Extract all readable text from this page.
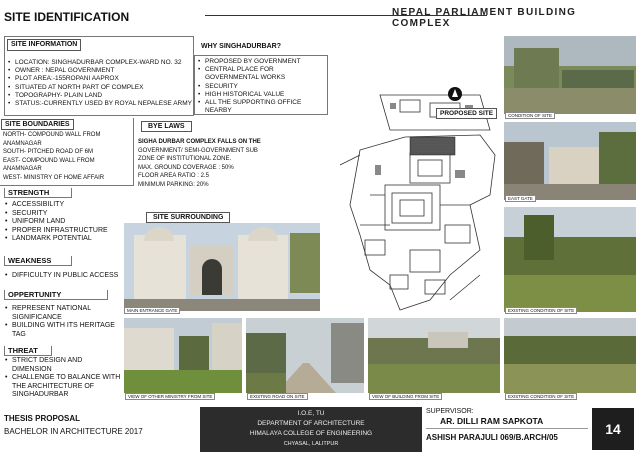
SITE IDENTIFICATION	NEPAL PARLIAMENT BUILDING COMPLEX
SITE INFORMATION
• LOCATION: SINGHADURBAR COMPLEX-WARD NO. 32
• OWNER : NEPAL GOVERNMENT
• PLOT AREA:-155ROPANI AAPROX
• SITUATED AT NORTH PART OF COMPLEX
• TOPOGRAPHY- PLAIN LAND
• STATUS:-CURRENTLY USED BY ROYAL NEPALESE ARMY
WHY SINGHADURBAR?
• PROPOSED BY GOVERNMENT
• CENTRAL PLACE FOR GOVERNMENTAL WORKS
• SECURITY
• HIGH HISTORICAL VALUE
• ALL THE SUPPORTING OFFICE NEARBY
SITE BOUNDARIES
NORTH- COMPOUND WALL FROM ANAMNAGAR
SOUTH- PITCHED ROAD OF 6M
EAST- COMPOUND WALL FROM ANAMNAGAR
WEST- MINISTRY OF HOME AFFAIR
BYE LAWS
SIGHA DURBAR COMPLEX FALLS ON THE
GOVERNMENT/ SEMI-GOVERNMENT SUB
ZONE OF INSTITUTIONAL ZONE.
MAX. GROUND COVERAGE : 50%
FLOOR AREA RATIO : 2.5
MINIMUM PARKING: 20%
STRENGTH
• ACCESSIBILITY
• SECURITY
• UNIFORM LAND
• PROPER INFRASTRUCTURE
• LANDMARK POTENTIAL
WEAKNESS
• DIFFICULTY IN PUBLIC ACCESS
OPPERTUNITY
• REPRESENT NATIONAL SIGNIFICANCE
• BUILDING WITH ITS HERITAGE TAG
THREAT
• STRICT DESIGN AND DIMENSION
• CHALLENGE TO BALANCE WITH THE ARCHITECTURE OF SINGHADURBAR
SITE SURROUNDING
PROPOSED SITE	CONDITION OF SITE
EAST GATE
EXISTING CONDITION OF SITE
MAIN ENTRANCE GATE
VIEW OF OTHER MINISTRY FROM SITE	EXISTING ROAD ON SITE	VIEW OF BUILDING FROM SITE	EXISTING CONDITION OF SITE
THESIS PROPOSAL
BACHELOR IN ARCHITECTURE 2017
I.O.E, TU
DEPARTMENT OF ARCHITECTURE
HIMALAYA COLLEGE OF ENGINEERING
CHYASAL, LALITPUR
SUPERVISOR:
AR. DILLI RAM SAPKOTA
ASHISH PARAJULI 069/B.ARCH/05
14
